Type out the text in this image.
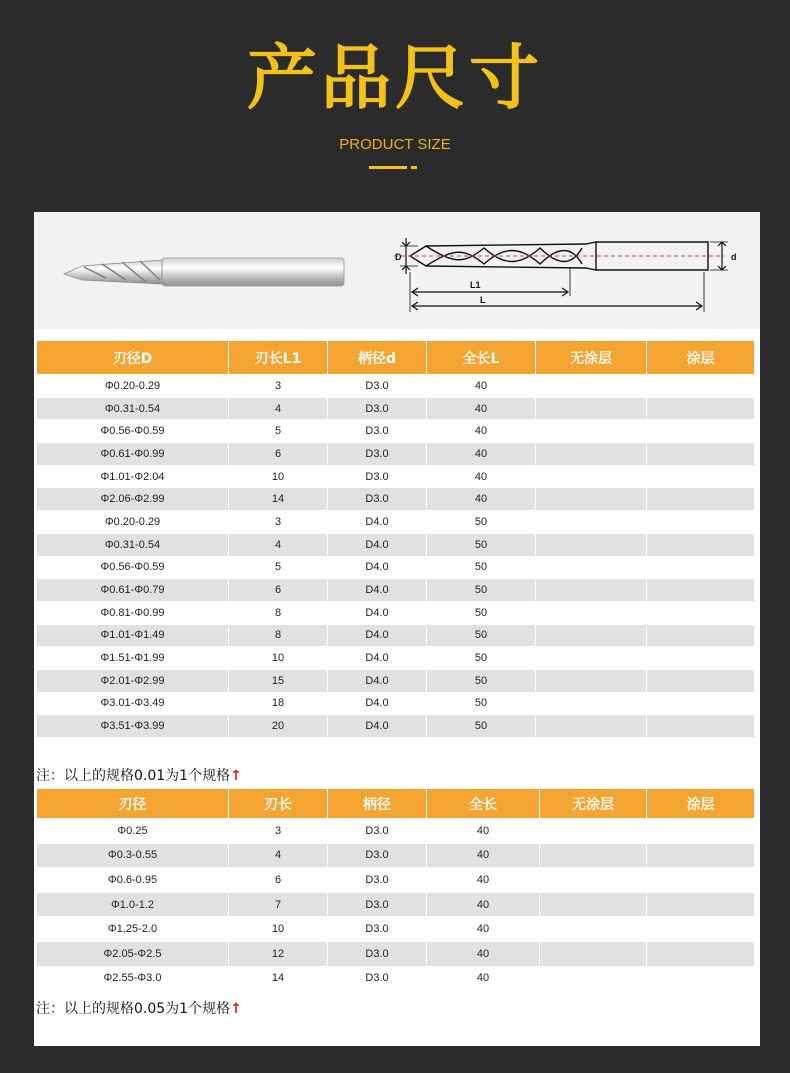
产品尺寸
PRODUCT SIZE
D	d
L1
L
刃径D	刃长L1	柄径d	全长L	无涂层	涂层
Φ0.20-0.29	3	D3.0	40		
Φ0.31-0.54	4	D3.0	40		
Φ0.56-Φ0.59	5	D3.0	40		
Φ0.61-Φ0.99	6	D3.0	40		
Φ1.01-Φ2.04	10	D3.0	40		
Φ2.06-Φ2.99	14	D3.0	40		
Φ0.20-0.29	3	D4.0	50		
Φ0.31-0.54	4	D4.0	50		
Φ0.56-Φ0.59	5	D4.0	50		
Φ0.61-Φ0.79	6	D4.0	50		
Φ0.81-Φ0.99	8	D4.0	50		
Φ1.01-Φ1.49	8	D4.0	50		
Φ1.51-Φ1.99	10	D4.0	50		
Φ2.01-Φ2.99	15	D4.0	50		
Φ3.01-Φ3.49	18	D4.0	50		
Φ3.51-Φ3.99	20	D4.0	50		
注：以上的规格0.01为1个规格↑
刃径	刃长	柄径	全长	无涂层	涂层
Φ0.25	3	D3.0	40		
Φ0.3-0.55	4	D3.0	40		
Φ0.6-0.95	6	D3.0	40		
Φ1.0-1.2	7	D3.0	40		
Φ1.25-2.0	10	D3.0	40		
Φ2.05-Φ2.5	12	D3.0	40		
Φ2.55-Φ3.0	14	D3.0	40		
注：以上的规格0.05为1个规格↑
